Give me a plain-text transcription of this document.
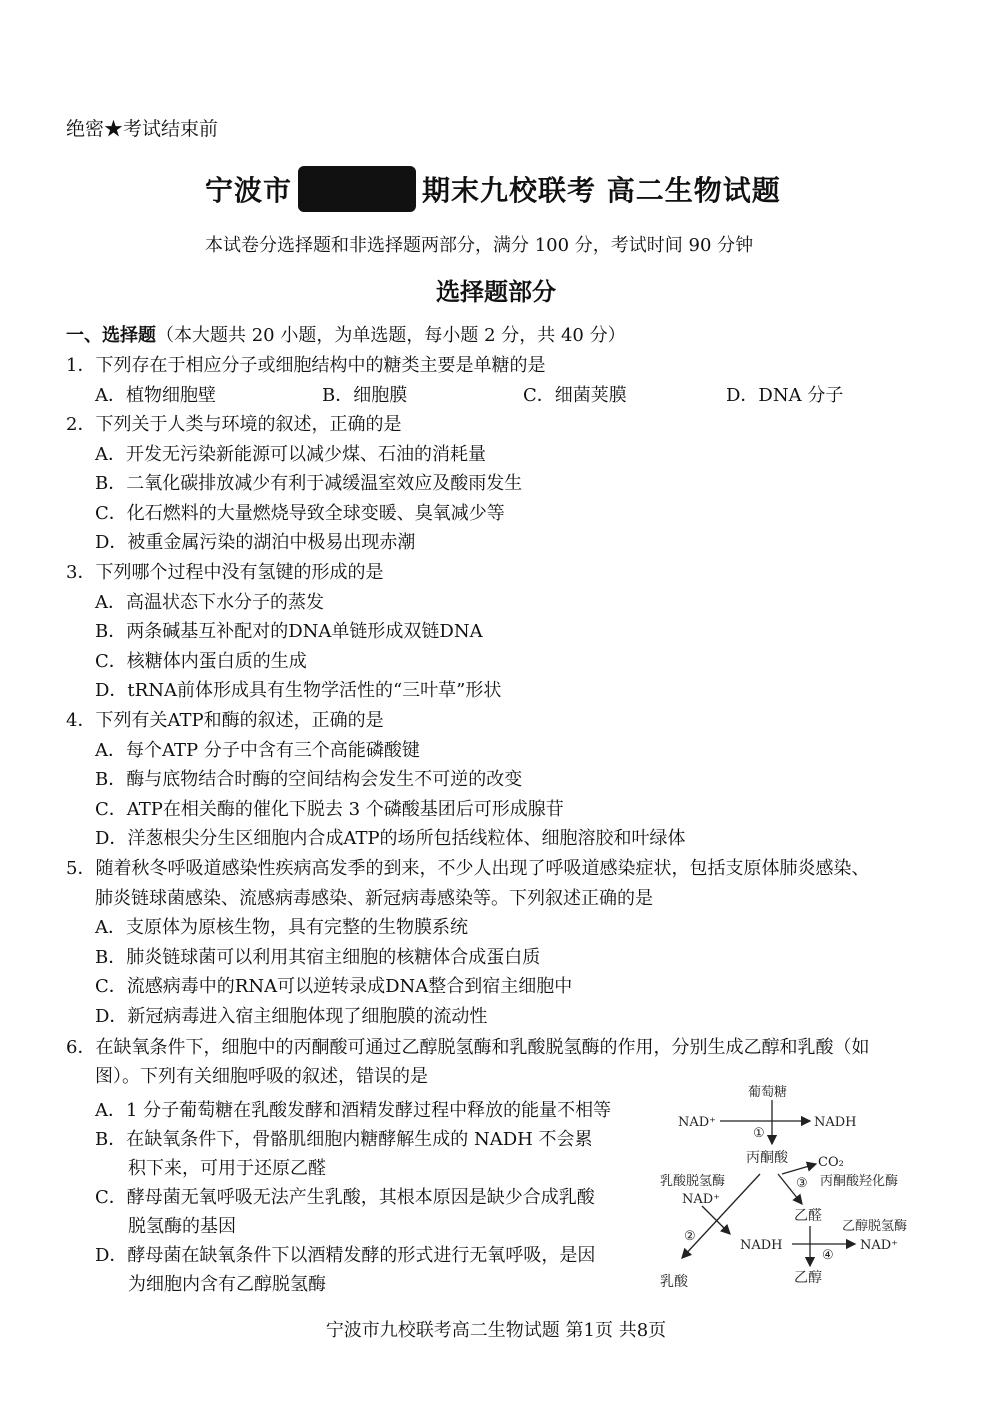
绝密★考试结束前
宁波市	期末九校联考 高二生物试题
本试卷分选择题和非选择题两部分，满分 100 分，考试时间 90 分钟
选择题部分
一、选择题（本大题共 20 小题，为单选题，每小题 2 分，共 40 分）
1．下列存在于相应分子或细胞结构中的糖类主要是单糖的是
A．植物细胞壁	B．细胞膜	C．细菌荚膜	D．DNA 分子
2．下列关于人类与环境的叙述，正确的是
A．开发无污染新能源可以减少煤、石油的消耗量
B．二氧化碳排放减少有利于减缓温室效应及酸雨发生
C．化石燃料的大量燃烧导致全球变暖、臭氧减少等
D．被重金属污染的湖泊中极易出现赤潮
3．下列哪个过程中没有氢键的形成的是
A．高温状态下水分子的蒸发
B．两条碱基互补配对的DNA单链形成双链DNA
C．核糖体内蛋白质的生成
D．tRNA前体形成具有生物学活性的“三叶草”形状
4．下列有关ATP和酶的叙述，正确的是
A．每个ATP 分子中含有三个高能磷酸键
B．酶与底物结合时酶的空间结构会发生不可逆的改变
C．ATP在相关酶的催化下脱去 3 个磷酸基团后可形成腺苷
D．洋葱根尖分生区细胞内合成ATP的场所包括线粒体、细胞溶胶和叶绿体
5．随着秋冬呼吸道感染性疾病高发季的到来，不少人出现了呼吸道感染症状，包括支原体肺炎感染、
肺炎链球菌感染、流感病毒感染、新冠病毒感染等。下列叙述正确的是
A．支原体为原核生物，具有完整的生物膜系统
B．肺炎链球菌可以利用其宿主细胞的核糖体合成蛋白质
C．流感病毒中的RNA可以逆转录成DNA整合到宿主细胞中
D．新冠病毒进入宿主细胞体现了细胞膜的流动性
6．在缺氧条件下，细胞中的丙酮酸可通过乙醇脱氢酶和乳酸脱氢酶的作用，分别生成乙醇和乳酸（如
图）。下列有关细胞呼吸的叙述，错误的是
A．1 分子葡萄糖在乳酸发酵和酒精发酵过程中释放的能量不相等
B．在缺氧条件下，骨骼肌细胞内糖酵解生成的 NADH 不会累
积下来，可用于还原乙醛
C．酵母菌无氧呼吸无法产生乳酸，其根本原因是缺少合成乳酸
脱氢酶的基因
D．酵母菌在缺氧条件下以酒精发酵的形式进行无氧呼吸，是因
为细胞内含有乙醇脱氢酶
葡萄糖
NAD⁺	NADH
①
丙酮酸 CO₂
③ 丙酮酸羟化酶
乳酸脱氢酶
NAD⁺
乙醛
乙醇脱氢酶
②
NADH
④
NAD⁺
乙醇
乳酸
宁波市九校联考高二生物试题 第1页 共8页
